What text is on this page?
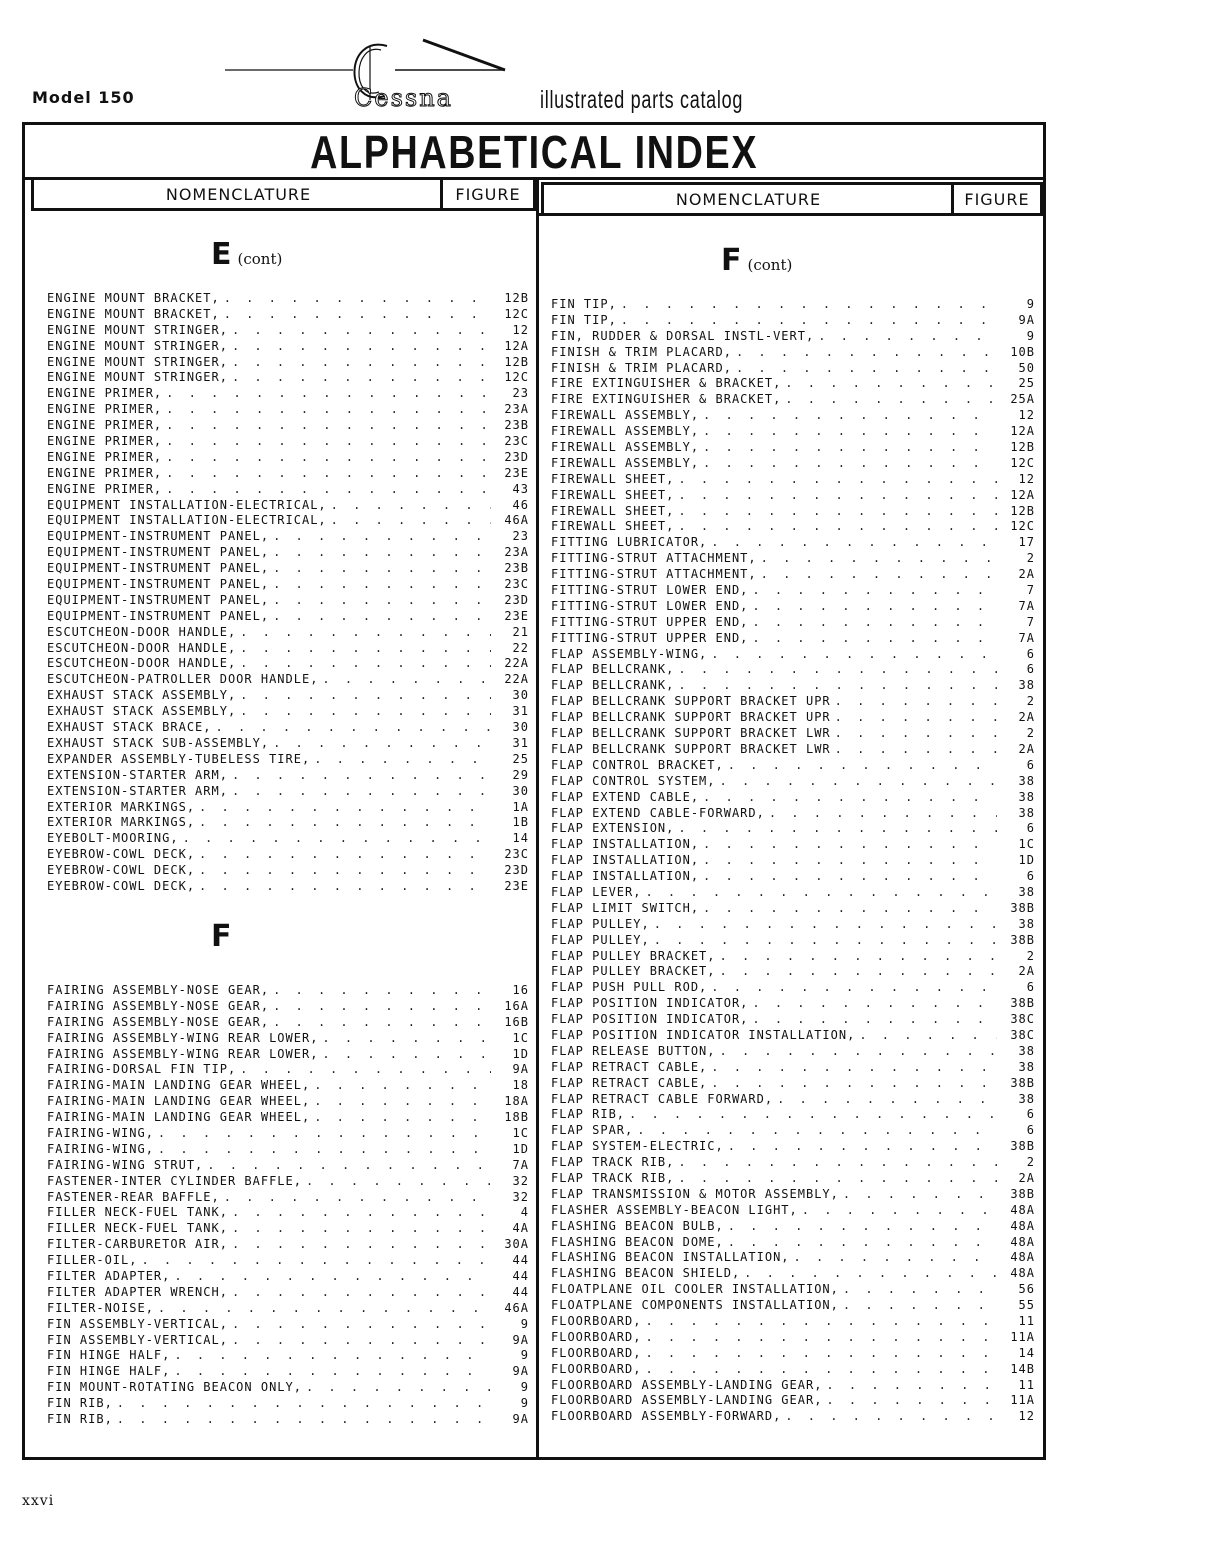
Model 150	Cessna	illustrated parts catalog
ALPHABETICAL INDEX
NOMENCLATURE	FIGURE
E (cont)
ENGINE MOUNT BRACKET, . . .	12B
ENGINE MOUNT BRACKET, . . .	12C
ENGINE MOUNT STRINGER, . . .	12
ENGINE MOUNT STRINGER, . . .	12A
ENGINE MOUNT STRINGER, . . .	12B
ENGINE MOUNT STRINGER, . . .	12C
ENGINE PRIMER, . . .	23
ENGINE PRIMER, . . .	23A
ENGINE PRIMER, . . .	23B
ENGINE PRIMER, . . .	23C
ENGINE PRIMER, . . .	23D
ENGINE PRIMER, . . .	23E
ENGINE PRIMER, . . .	43
EQUIPMENT INSTALLATION-ELECTRICAL, . . .	46
EQUIPMENT INSTALLATION-ELECTRICAL, . . .	46A
EQUIPMENT-INSTRUMENT PANEL, . . .	23
EQUIPMENT-INSTRUMENT PANEL, . . .	23A
EQUIPMENT-INSTRUMENT PANEL, . . .	23B
EQUIPMENT-INSTRUMENT PANEL, . . .	23C
EQUIPMENT-INSTRUMENT PANEL, . . .	23D
EQUIPMENT-INSTRUMENT PANEL, . . .	23E
ESCUTCHEON-DOOR HANDLE, . . .	21
ESCUTCHEON-DOOR HANDLE, . . .	22
ESCUTCHEON-DOOR HANDLE, . . .	22A
ESCUTCHEON-PATROLLER DOOR HANDLE, . . .	22A
EXHAUST STACK ASSEMBLY, . . .	30
EXHAUST STACK ASSEMBLY, . . .	31
EXHAUST STACK BRACE, . . .	30
EXHAUST STACK SUB-ASSEMBLY, . . .	31
EXPANDER ASSEMBLY-TUBELESS TIRE, . . .	25
EXTENSION-STARTER ARM, . . .	29
EXTENSION-STARTER ARM, . . .	30
EXTERIOR MARKINGS, . . .	1A
EXTERIOR MARKINGS, . . .	1B
EYEBOLT-MOORING, . . .	14
EYEBROW-COWL DECK, . . .	23C
EYEBROW-COWL DECK, . . .	23D
EYEBROW-COWL DECK, . . .	23E
F
FAIRING ASSEMBLY-NOSE GEAR, . . .	16
FAIRING ASSEMBLY-NOSE GEAR, . . .	16A
FAIRING ASSEMBLY-NOSE GEAR, . . .	16B
FAIRING ASSEMBLY-WING REAR LOWER, . . .	1C
FAIRING ASSEMBLY-WING REAR LOWER, . . .	1D
FAIRING-DORSAL FIN TIP, . . .	9A
FAIRING-MAIN LANDING GEAR WHEEL, . . .	18
FAIRING-MAIN LANDING GEAR WHEEL, . . .	18A
FAIRING-MAIN LANDING GEAR WHEEL, . . .	18B
FAIRING-WING, . . .	1C
FAIRING-WING, . . .	1D
FAIRING-WING STRUT, . . .	7A
FASTENER-INTER CYLINDER BAFFLE, . . .	32
FASTENER-REAR BAFFLE, . . .	32
FILLER NECK-FUEL TANK, . . .	4
FILLER NECK-FUEL TANK, . . .	4A
FILTER-CARBURETOR AIR, . . .	30A
FILLER-OIL, . . .	44
FILTER ADAPTER, . . .	44
FILTER ADAPTER WRENCH, . . .	44
FILTER-NOISE, . . .	46A
FIN ASSEMBLY-VERTICAL, . . .	9
FIN ASSEMBLY-VERTICAL, . . .	9A
FIN HINGE HALF, . . .	9
FIN HINGE HALF, . . .	9A
FIN MOUNT-ROTATING BEACON ONLY, . . .	9
FIN RIB, . . .	9
FIN RIB, . . .	9A
NOMENCLATURE	FIGURE
F (cont)
FIN TIP, . . .	9
FIN TIP, . . .	9A
FIN, RUDDER & DORSAL INSTL-VERT, . . .	9
FINISH & TRIM PLACARD, . . .	10B
FINISH & TRIM PLACARD, . . .	50
FIRE EXTINGUISHER & BRACKET, . . .	25
FIRE EXTINGUISHER & BRACKET, . . .	25A
FIREWALL ASSEMBLY, . . .	12
FIREWALL ASSEMBLY, . . .	12A
FIREWALL ASSEMBLY, . . .	12B
FIREWALL ASSEMBLY, . . .	12C
FIREWALL SHEET, . . .	12
FIREWALL SHEET, . . .	12A
FIREWALL SHEET, . . .	12B
FIREWALL SHEET, . . .	12C
FITTING LUBRICATOR, . . .	17
FITTING-STRUT ATTACHMENT, . . .	2
FITTING-STRUT ATTACHMENT, . . .	2A
FITTING-STRUT LOWER END, . . .	7
FITTING-STRUT LOWER END, . . .	7A
FITTING-STRUT UPPER END, . . .	7
FITTING-STRUT UPPER END, . . .	7A
FLAP ASSEMBLY-WING, . . .	6
FLAP BELLCRANK, . . .	6
FLAP BELLCRANK, . . .	38
FLAP BELLCRANK SUPPORT BRACKET UPR . . .	2
FLAP BELLCRANK SUPPORT BRACKET UPR . . .	2A
FLAP BELLCRANK SUPPORT BRACKET LWR . . .	2
FLAP BELLCRANK SUPPORT BRACKET LWR . . .	2A
FLAP CONTROL BRACKET, . . .	6
FLAP CONTROL SYSTEM, . . .	38
FLAP EXTEND CABLE, . . .	38
FLAP EXTEND CABLE-FORWARD, . . .	38
FLAP EXTENSION, . . .	6
FLAP INSTALLATION, . . .	1C
FLAP INSTALLATION, . . .	1D
FLAP INSTALLATION, . . .	6
FLAP LEVER, . . .	38
FLAP LIMIT SWITCH, . . .	38B
FLAP PULLEY, . . .	38
FLAP PULLEY, . . .	38B
FLAP PULLEY BRACKET, . . .	2
FLAP PULLEY BRACKET, . . .	2A
FLAP PUSH PULL ROD, . . .	6
FLAP POSITION INDICATOR, . . .	38B
FLAP POSITION INDICATOR, . . .	38C
FLAP POSITION INDICATOR INSTALLATION, . . .	38C
FLAP RELEASE BUTTON, . . .	38
FLAP RETRACT CABLE, . . .	38
FLAP RETRACT CABLE, . . .	38B
FLAP RETRACT CABLE FORWARD, . . .	38
FLAP RIB, . . .	6
FLAP SPAR, . . .	6
FLAP SYSTEM-ELECTRIC, . . .	38B
FLAP TRACK RIB, . . .	2
FLAP TRACK RIB, . . .	2A
FLAP TRANSMISSION & MOTOR ASSEMBLY, . . .	38B
FLASHER ASSEMBLY-BEACON LIGHT, . . .	48A
FLASHING BEACON BULB, . . .	48A
FLASHING BEACON DOME, . . .	48A
FLASHING BEACON INSTALLATION, . . .	48A
FLASHING BEACON SHIELD, . . .	48A
FLOATPLANE OIL COOLER INSTALLATION, . . .	56
FLOATPLANE COMPONENTS INSTALLATION, . . .	55
FLOORBOARD, . . .	11
FLOORBOARD, . . .	11A
FLOORBOARD, . . .	14
FLOORBOARD, . . .	14B
FLOORBOARD ASSEMBLY-LANDING GEAR, . . .	11
FLOORBOARD ASSEMBLY-LANDING GEAR, . . .	11A
FLOORBOARD ASSEMBLY-FORWARD, . . .	12
xxvi
